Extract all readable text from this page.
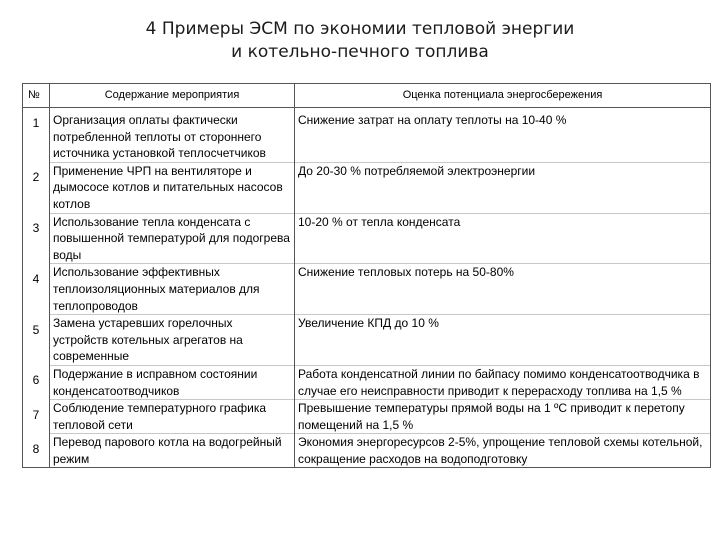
4 Примеры ЭСМ по экономии тепловой энергии
и котельно-печного топлива
№	Содержание мероприятия	Оценка потенциала энергосбережения

1	Организация оплаты фактически потребленной теплоты от стороннего источника установкой теплосчетчиков	Снижение затрат на оплату теплоты на 10-40 %

2	Применение ЧРП на вентиляторе и дымососе котлов и питательных насосов котлов	До 20-30 % потребляемой электроэнергии

3	Использование тепла конденсата с повышенной температурой для подогрева воды	10-20 % от тепла конденсата

4	Использование эффективных теплоизоляционных материалов для теплопроводов	Снижение тепловых потерь на 50-80%

5	Замена устаревших горелочных устройств котельных агрегатов на современные	Увеличение КПД до 10 %

6	Подержание в исправном состоянии конденсатоотводчиков	Работа конденсатной линии по байпасу помимо конденсатоотводчика в случае его неисправности приводит к перерасходу топлива на 1,5 %

7	Соблюдение температурного графика тепловой сети	Превышение температуры прямой воды на 1 ºС приводит к перетопу помещений на 1,5 %

8	Перевод парового котла на водогрейный режим	Экономия энергоресурсов 2-5%, упрощение тепловой схемы котельной, сокращение расходов на водоподготовку
